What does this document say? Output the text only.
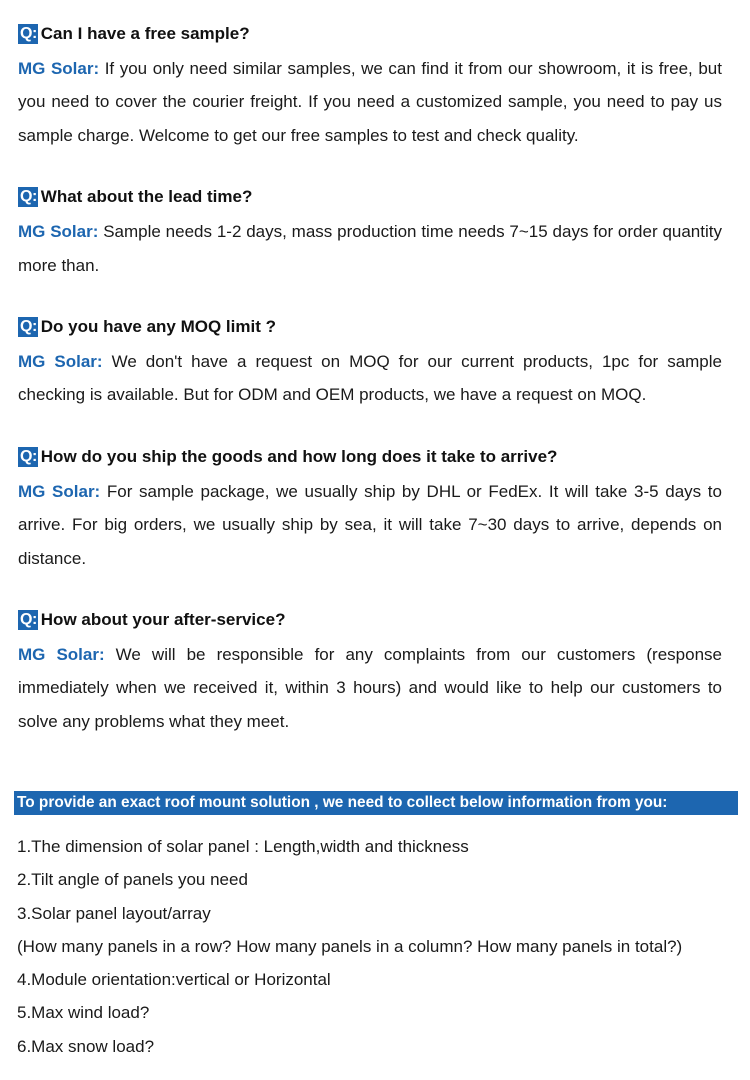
Q: Can I have a free sample?

MG Solar: If you only need similar samples, we can find it from our showroom, it is free, but you need to cover the courier freight. If you need a customized sample, you need to pay us sample charge. Welcome to get our free samples to test and check quality.

Q: What about the lead time?

MG Solar: Sample needs 1-2 days, mass production time needs 7~15 days for order quantity more than.

Q: Do you have any MOQ limit ?

MG Solar: We don't have a request on MOQ for our current products, 1pc for sample checking is available. But for ODM and OEM products, we have a request on MOQ.

Q: How do you ship the goods and how long does it take to arrive?

MG Solar: For sample package, we usually ship by DHL or FedEx. It will take 3-5 days to arrive. For big orders, we usually ship by sea, it will take 7~30 days to arrive, depends on distance.

Q: How about your after-service?

MG Solar: We will be responsible for any complaints from our customers (response immediately when we received it, within 3 hours) and would like to help our customers to solve any problems what they meet.

To provide an exact roof mount solution , we need to collect below information from you:
1.The dimension of solar panel : Length,width and thickness
2.Tilt angle of panels you need
3.Solar panel layout/array
(How many panels in a row? How many panels in a column? How many panels in total?)
4.Module orientation:vertical or Horizontal
5.Max wind load?
6.Max snow load?
